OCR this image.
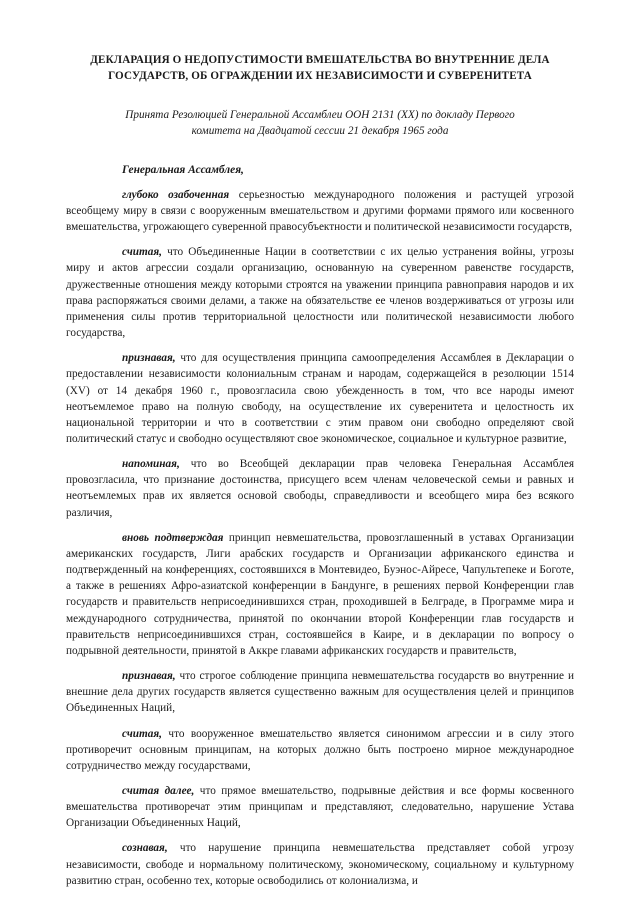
ДЕКЛАРАЦИЯ О НЕДОПУСТИМОСТИ ВМЕШАТЕЛЬСТВА ВО ВНУТРЕННИЕ ДЕЛА ГОСУДАРСТВ, ОБ ОГРАЖДЕНИИ ИХ НЕЗАВИСИМОСТИ И СУВЕРЕНИТЕТА
Принята Резолюцией Генеральной Ассамблеи ООН 2131 (XX) по докладу Первого комитета на Двадцатой сессии 21 декабря 1965 года
Генеральная Ассамблея,

глубоко озабоченная серьезностью международного положения и растущей угрозой всеобщему миру в связи с вооруженным вмешательством и другими формами прямого или косвенного вмешательства, угрожающего суверенной правосубъектности и политической независимости государств,

считая, что Объединенные Нации в соответствии с их целью устранения войны, угрозы миру и актов агрессии создали организацию, основанную на суверенном равенстве государств, дружественные отношения между которыми строятся на уважении принципа равноправия народов и их права распоряжаться своими делами, а также на обязательстве ее членов воздерживаться от угрозы или применения силы против территориальной целостности или политической независимости любого государства,

признавая, что для осуществления принципа самоопределения Ассамблея в Декларации о предоставлении независимости колониальным странам и народам, содержащейся в резолюции 1514 (XV) от 14 декабря 1960 г., провозгласила свою убежденность в том, что все народы имеют неотъемлемое право на полную свободу, на осуществление их суверенитета и целостность их национальной территории и что в соответствии с этим правом они свободно определяют свой политический статус и свободно осуществляют свое экономическое, социальное и культурное развитие,

напоминая, что во Всеобщей декларации прав человека Генеральная Ассамблея провозгласила, что признание достоинства, присущего всем членам человеческой семьи и равных и неотъемлемых прав их является основой свободы, справедливости и всеобщего мира без всякого различия,

вновь подтверждая принцип невмешательства, провозглашенный в уставах Организации американских государств, Лиги арабских государств и Организации африканского единства и подтвержденный на конференциях, состоявшихся в Монтевидео, Буэнос-Айресе, Чапультепеке и Боготе, а также в решениях Афро-азиатской конференции в Бандунге, в решениях первой Конференции глав государств и правительств неприсоединившихся стран, проходившей в Белграде, в Программе мира и международного сотрудничества, принятой по окончании второй Конференции глав государств и правительств неприсоединившихся стран, состоявшейся в Каире, и в декларации по вопросу о подрывной деятельности, принятой в Аккре главами африканских государств и правительств,

признавая, что строгое соблюдение принципа невмешательства государств во внутренние и внешние дела других государств является существенно важным для осуществления целей и принципов Объединенных Наций,

считая, что вооруженное вмешательство является синонимом агрессии и в силу этого противоречит основным принципам, на которых должно быть построено мирное международное сотрудничество между государствами,

считая далее, что прямое вмешательство, подрывные действия и все формы косвенного вмешательства противоречат этим принципам и представляют, следовательно, нарушение Устава Организации Объединенных Наций,

сознавая, что нарушение принципа невмешательства представляет собой угрозу независимости, свободе и нормальному политическому, экономическому, социальному и культурному развитию стран, особенно тех, которые освободились от колониализма, и
